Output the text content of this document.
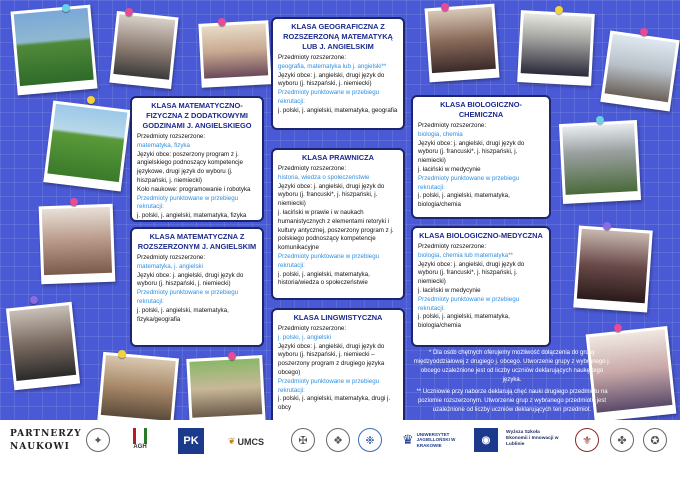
KLASA GEOGRAFICZNA Z ROZSZERZONĄ MATEMATYKĄ LUB J. ANGIELSKIM

Przedmioty rozszerzone:

geografia, matematyka lub j. angielski**

Języki obce: j. angielski, drugi język do wyboru (j. hiszpański, j. niemiecki)

Przedmioty punktowane w przebiegu rekrutacji:

j. polski, j. angielski, matematyka, geografia

KLASA MATEMATYCZNO-FIZYCZNA Z DODATKOWYMI GODZINAMI J. ANGIELSKIEGO

Przedmioty rozszerzone:

matematyka, fizyka

Języki obce: poszerzony program z j. angielskiego podnoszący kompetencje językowe, drugi język do wyboru (j. hiszpański, j. niemiecki)

Koło naukowe: programowanie i robotyka

Przedmioty punktowane w przebiegu rekrutacji:

j. polski, j. angielski, matematyka, fizyka

KLASA MATEMATYCZNA Z ROZSZERZONYM J. ANGIELSKIM

Przedmioty rozszerzone:

matematyka, j. angielski

Języki obce: j. angielski, drugi język do wyboru (j. hiszpański, j. niemiecki)

Przedmioty punktowane w przebiegu rekrutacji:

j. polski, j. angielski, matematyka, fizyka/geografia

KLASA PRAWNICZA

Przedmioty rozszerzone:

historia, wiedza o społeczeństwie

Języki obce: j. angielski, drugi język do wyboru (j. francuski*, j. hiszpański, j. niemiecki)

j. łaciński w prawie i w naukach humanistycznych z elementami retoryki i kultury antycznej, poszerzony program z j. polskiego podnoszący kompetencje komunikacyjne

Przedmioty punktowane w przebiegu rekrutacji:

j. polski, j. angielski, matematyka, historia/wiedza o społeczeństwie

KLASA LINGWISTYCZNA

Przedmioty rozszerzone:

j. polski, j. angielski

Języki obce: j. angielski, drugi język do wyboru (j. hiszpański, j. niemiecki – poszerzony program z drugiego języka obcego)

Przedmioty punktowane w przebiegu rekrutacji:

j. polski, j. angielski, matematyka, drugi j. obcy

KLASA BIOLOGICZNO-CHEMICZNA

Przedmioty rozszerzone:

biologia, chemia

Języki obce: j. angielski, drugi język do wyboru (j. francuski*, j. hiszpański, j. niemiecki)

j. łaciński w medycynie

Przedmioty punktowane w przebiegu rekrutacji:

j. polski, j. angielski, matematyka, biologia/chemia

KLASA BIOLOGICZNO-MEDYCZNA

Przedmioty rozszerzone:

biologia, chemia lub matematyka**

Języki obce: j. angielski, drugi język do wyboru (j. francuski*, j. hiszpański, j. niemiecki)

j. łaciński w medycynie

Przedmioty punktowane w przebiegu rekrutacji:

j. polski, j. angielski, matematyka, biologia/chemia

* Dla osób chętnych oferujemy możliwość dołączenia do grupy międzyoddziałowej z drugiego j. obcego. Utworzenie grupy z wybranego j. obcego uzależnione jest od liczby uczniów deklarujących naukę tego języka.

** Uczniowie przy naborze deklarują chęć nauki drugiego przedmiotu na poziomie rozszerzonym. Utworzenie grup z wybranego przedmiotu jest uzależnione od liczby uczniów deklarujących ten przedmiot.

PARTNERZY NAUKOWI
✦
AGH	PK	❦ UMCS	✠	❖	❉	♛ UNIWERSYTET JAGIELLOŃSKI W KRAKOWIE	◉
Wyższa Szkoła Ekonomii i Innowacji w Lublinie	⚜	✤	✪
